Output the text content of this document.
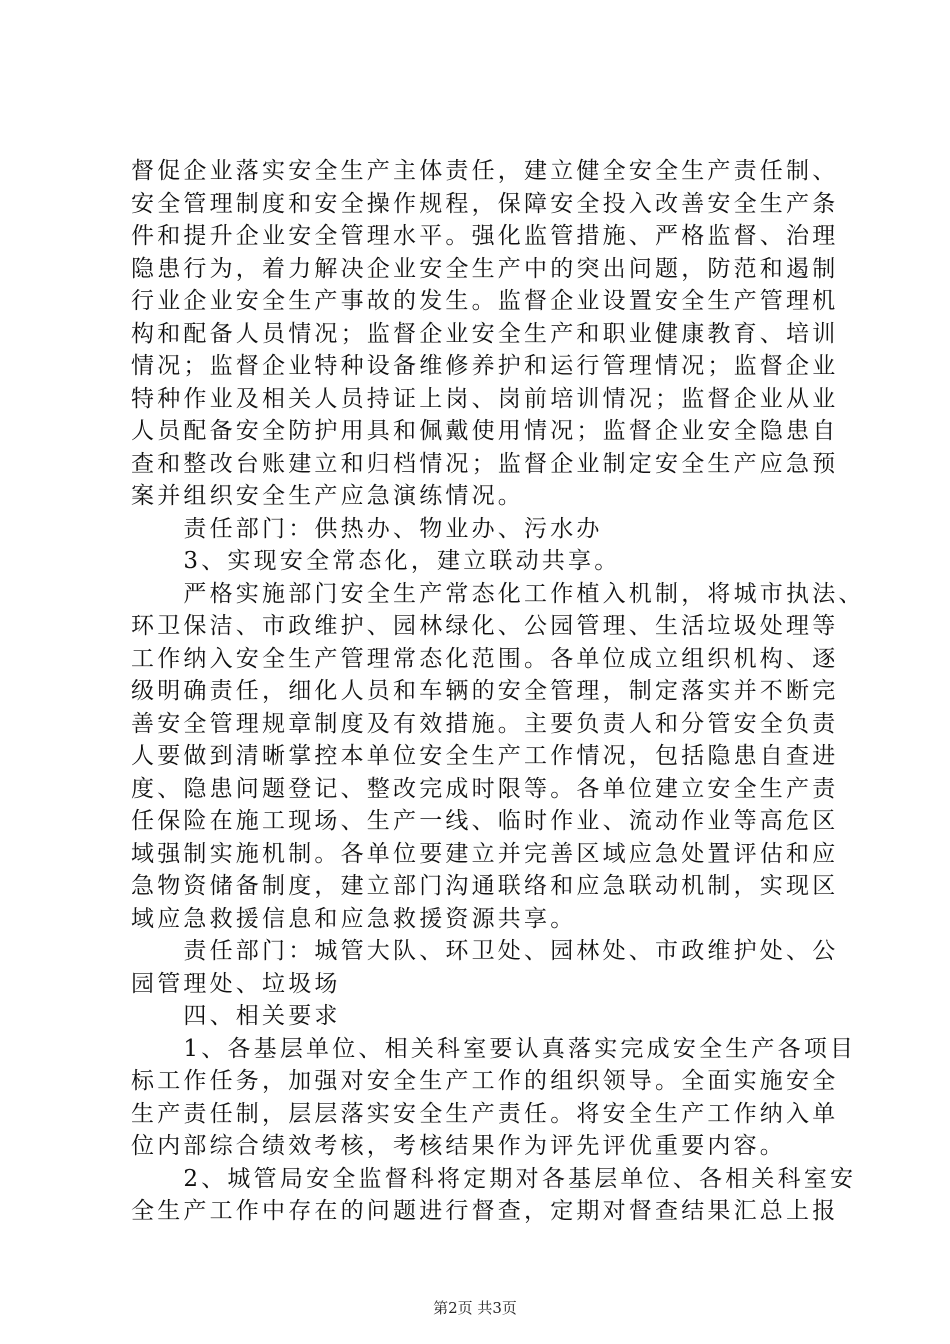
督促企业落实安全生产主体责任，建立健全安全生产责任制、
安全管理制度和安全操作规程，保障安全投入改善安全生产条
件和提升企业安全管理水平。强化监管措施、严格监督、治理
隐患行为，着力解决企业安全生产中的突出问题，防范和遏制
行业企业安全生产事故的发生。监督企业设置安全生产管理机
构和配备人员情况；监督企业安全生产和职业健康教育、培训
情况；监督企业特种设备维修养护和运行管理情况；监督企业
特种作业及相关人员持证上岗、岗前培训情况；监督企业从业
人员配备安全防护用具和佩戴使用情况；监督企业安全隐患自
查和整改台账建立和归档情况；监督企业制定安全生产应急预
案并组织安全生产应急演练情况。
　　责任部门：供热办、物业办、污水办
　　3、实现安全常态化，建立联动共享。
　　严格实施部门安全生产常态化工作植入机制，将城市执法、
环卫保洁、市政维护、园林绿化、公园管理、生活垃圾处理等
工作纳入安全生产管理常态化范围。各单位成立组织机构、逐
级明确责任，细化人员和车辆的安全管理，制定落实并不断完
善安全管理规章制度及有效措施。主要负责人和分管安全负责
人要做到清晰掌控本单位安全生产工作情况，包括隐患自查进
度、隐患问题登记、整改完成时限等。各单位建立安全生产责
任保险在施工现场、生产一线、临时作业、流动作业等高危区
域强制实施机制。各单位要建立并完善区域应急处置评估和应
急物资储备制度，建立部门沟通联络和应急联动机制，实现区
域应急救援信息和应急救援资源共享。
　　责任部门：城管大队、环卫处、园林处、市政维护处、公
园管理处、垃圾场
　　四、相关要求
　　1、各基层单位、相关科室要认真落实完成安全生产各项目
标工作任务，加强对安全生产工作的组织领导。全面实施安全
生产责任制，层层落实安全生产责任。将安全生产工作纳入单
位内部综合绩效考核，考核结果作为评先评优重要内容。
　　2、城管局安全监督科将定期对各基层单位、各相关科室安
全生产工作中存在的问题进行督查，定期对督查结果汇总上报
第2页 共3页
